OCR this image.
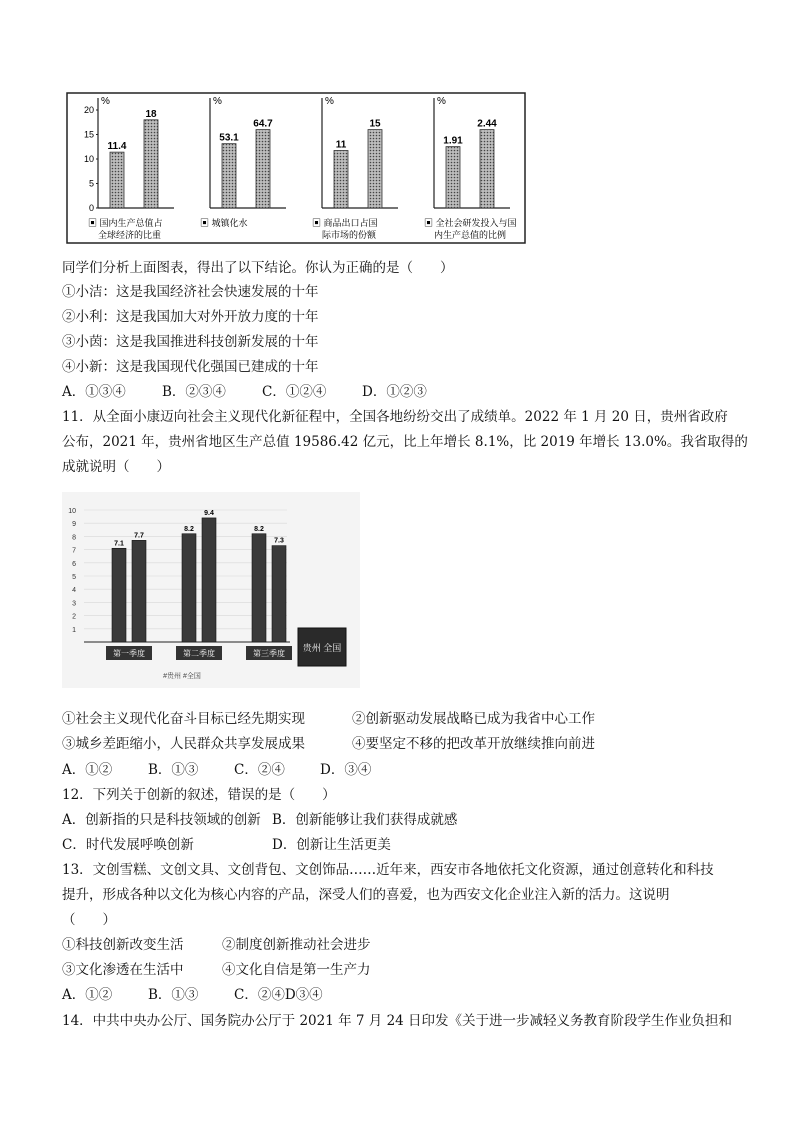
%
20
15
10
5
0
11.4
18
▣ 国内生产总值占全球经济的比重
%
53.1
64.7
▣ 城镇化水
%
11
15
▣ 商品出口占国际市场的份额
%
1.91
2.44
▣ 全社会研发投入与国内生产总值的比例
同学们分析上面图表，得出了以下结论。你认为正确的是（　　）
①小洁：这是我国经济社会快速发展的十年
②小利：这是我国加大对外开放力度的十年
③小茵：这是我国推进科技创新发展的十年
④小新：这是我国现代化强国已建成的十年
A．①③④	B．②③④	C．①②④	D．①②③
11．从全面小康迈向社会主义现代化新征程中，全国各地纷纷交出了成绩单。2022 年 1 月 20 日，贵州省政府
公布，2021 年，贵州省地区生产总值 19586.42 亿元，比上年增长 8.1%，比 2019 年增长 13.0%。我省取得的
成就说明（　　）
10
9
8
7
6
5
4
3
2
1
7.1
7.7
第一季度
8.2
9.4
第二季度
8.2
7.3
第三季度
贵州 全国
#贵州 #全国
①社会主义现代化奋斗目标已经先期实现	②创新驱动发展战略已成为我省中心工作
③城乡差距缩小，人民群众共享发展成果	④要坚定不移的把改革开放继续推向前进
A．①②	B．①③	C．②④	D．③④
12．下列关于创新的叙述，错误的是（　　）
A．创新指的只是科技领域的创新 B．创新能够让我们获得成就感
C．时代发展呼唤创新	D．创新让生活更美
13．文创雪糕、文创文具、文创背包、文创饰品……近年来，西安市各地依托文化资源，通过创意转化和科技
提升，形成各种以文化为核心内容的产品，深受人们的喜爱，也为西安文化企业注入新的活力。这说明
（　　）
①科技创新改变生活	②制度创新推动社会进步
③文化渗透在生活中	④文化自信是第一生产力
A．①②	B．①③	C．②④D③④
14．中共中央办公厅、国务院办公厅于 2021 年 7 月 24 日印发《关于进一步减轻义务教育阶段学生作业负担和
